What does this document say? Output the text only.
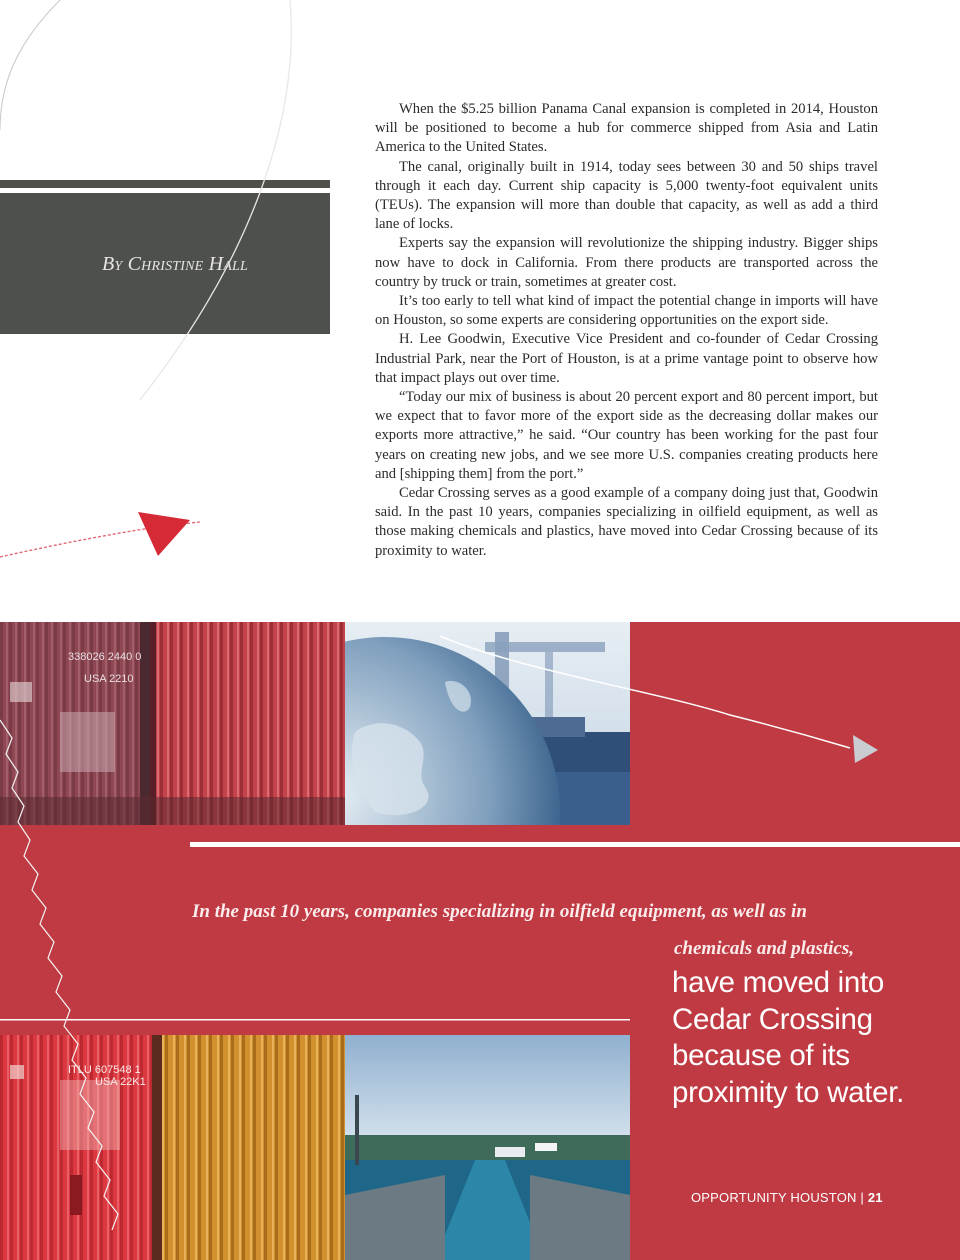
By Christine Hall

When the $5.25 billion Panama Canal expansion is completed in 2014, Houston will be positioned to become a hub for commerce shipped from Asia and Latin America to the United States.

The canal, originally built in 1914, today sees between 30 and 50 ships travel through it each day. Current ship capacity is 5,000 twenty-foot equivalent units (TEUs). The expansion will more than double that capacity, as well as add a third lane of locks.

Experts say the expansion will revolutionize the shipping industry. Bigger ships now have to dock in California. From there products are transported across the country by truck or train, sometimes at greater cost.

It’s too early to tell what kind of impact the potential change in imports will have on Houston, so some experts are considering opportunities on the export side.

H. Lee Goodwin, Executive Vice President and co-founder of Cedar Crossing Industrial Park, near the Port of Houston, is at a prime vantage point to observe how that impact plays out over time.

“Today our mix of business is about 20 percent export and 80 percent import, but we expect that to favor more of the export side as the decreasing dollar makes our exports more attractive,” he said. “Our country has been working for the past four years on creating new jobs, and we see more U.S. companies creating products here and [shipping them] from the port.”

Cedar Crossing serves as a good example of a company doing just that, Goodwin said. In the past 10 years, companies specializing in oilfield equipment, as well as those making chemicals and plastics, have moved into Cedar Crossing because of its proximity to water.

338026 2440 0
USA 2210
ITLU 607548 1
USA 22K1
In the past 10 years, companies specializing in oilfield equipment, as well as in
chemicals and plastics,
have moved into Cedar Crossing because of its proximity to water.
OPPORTUNITY HOUSTON | 21
